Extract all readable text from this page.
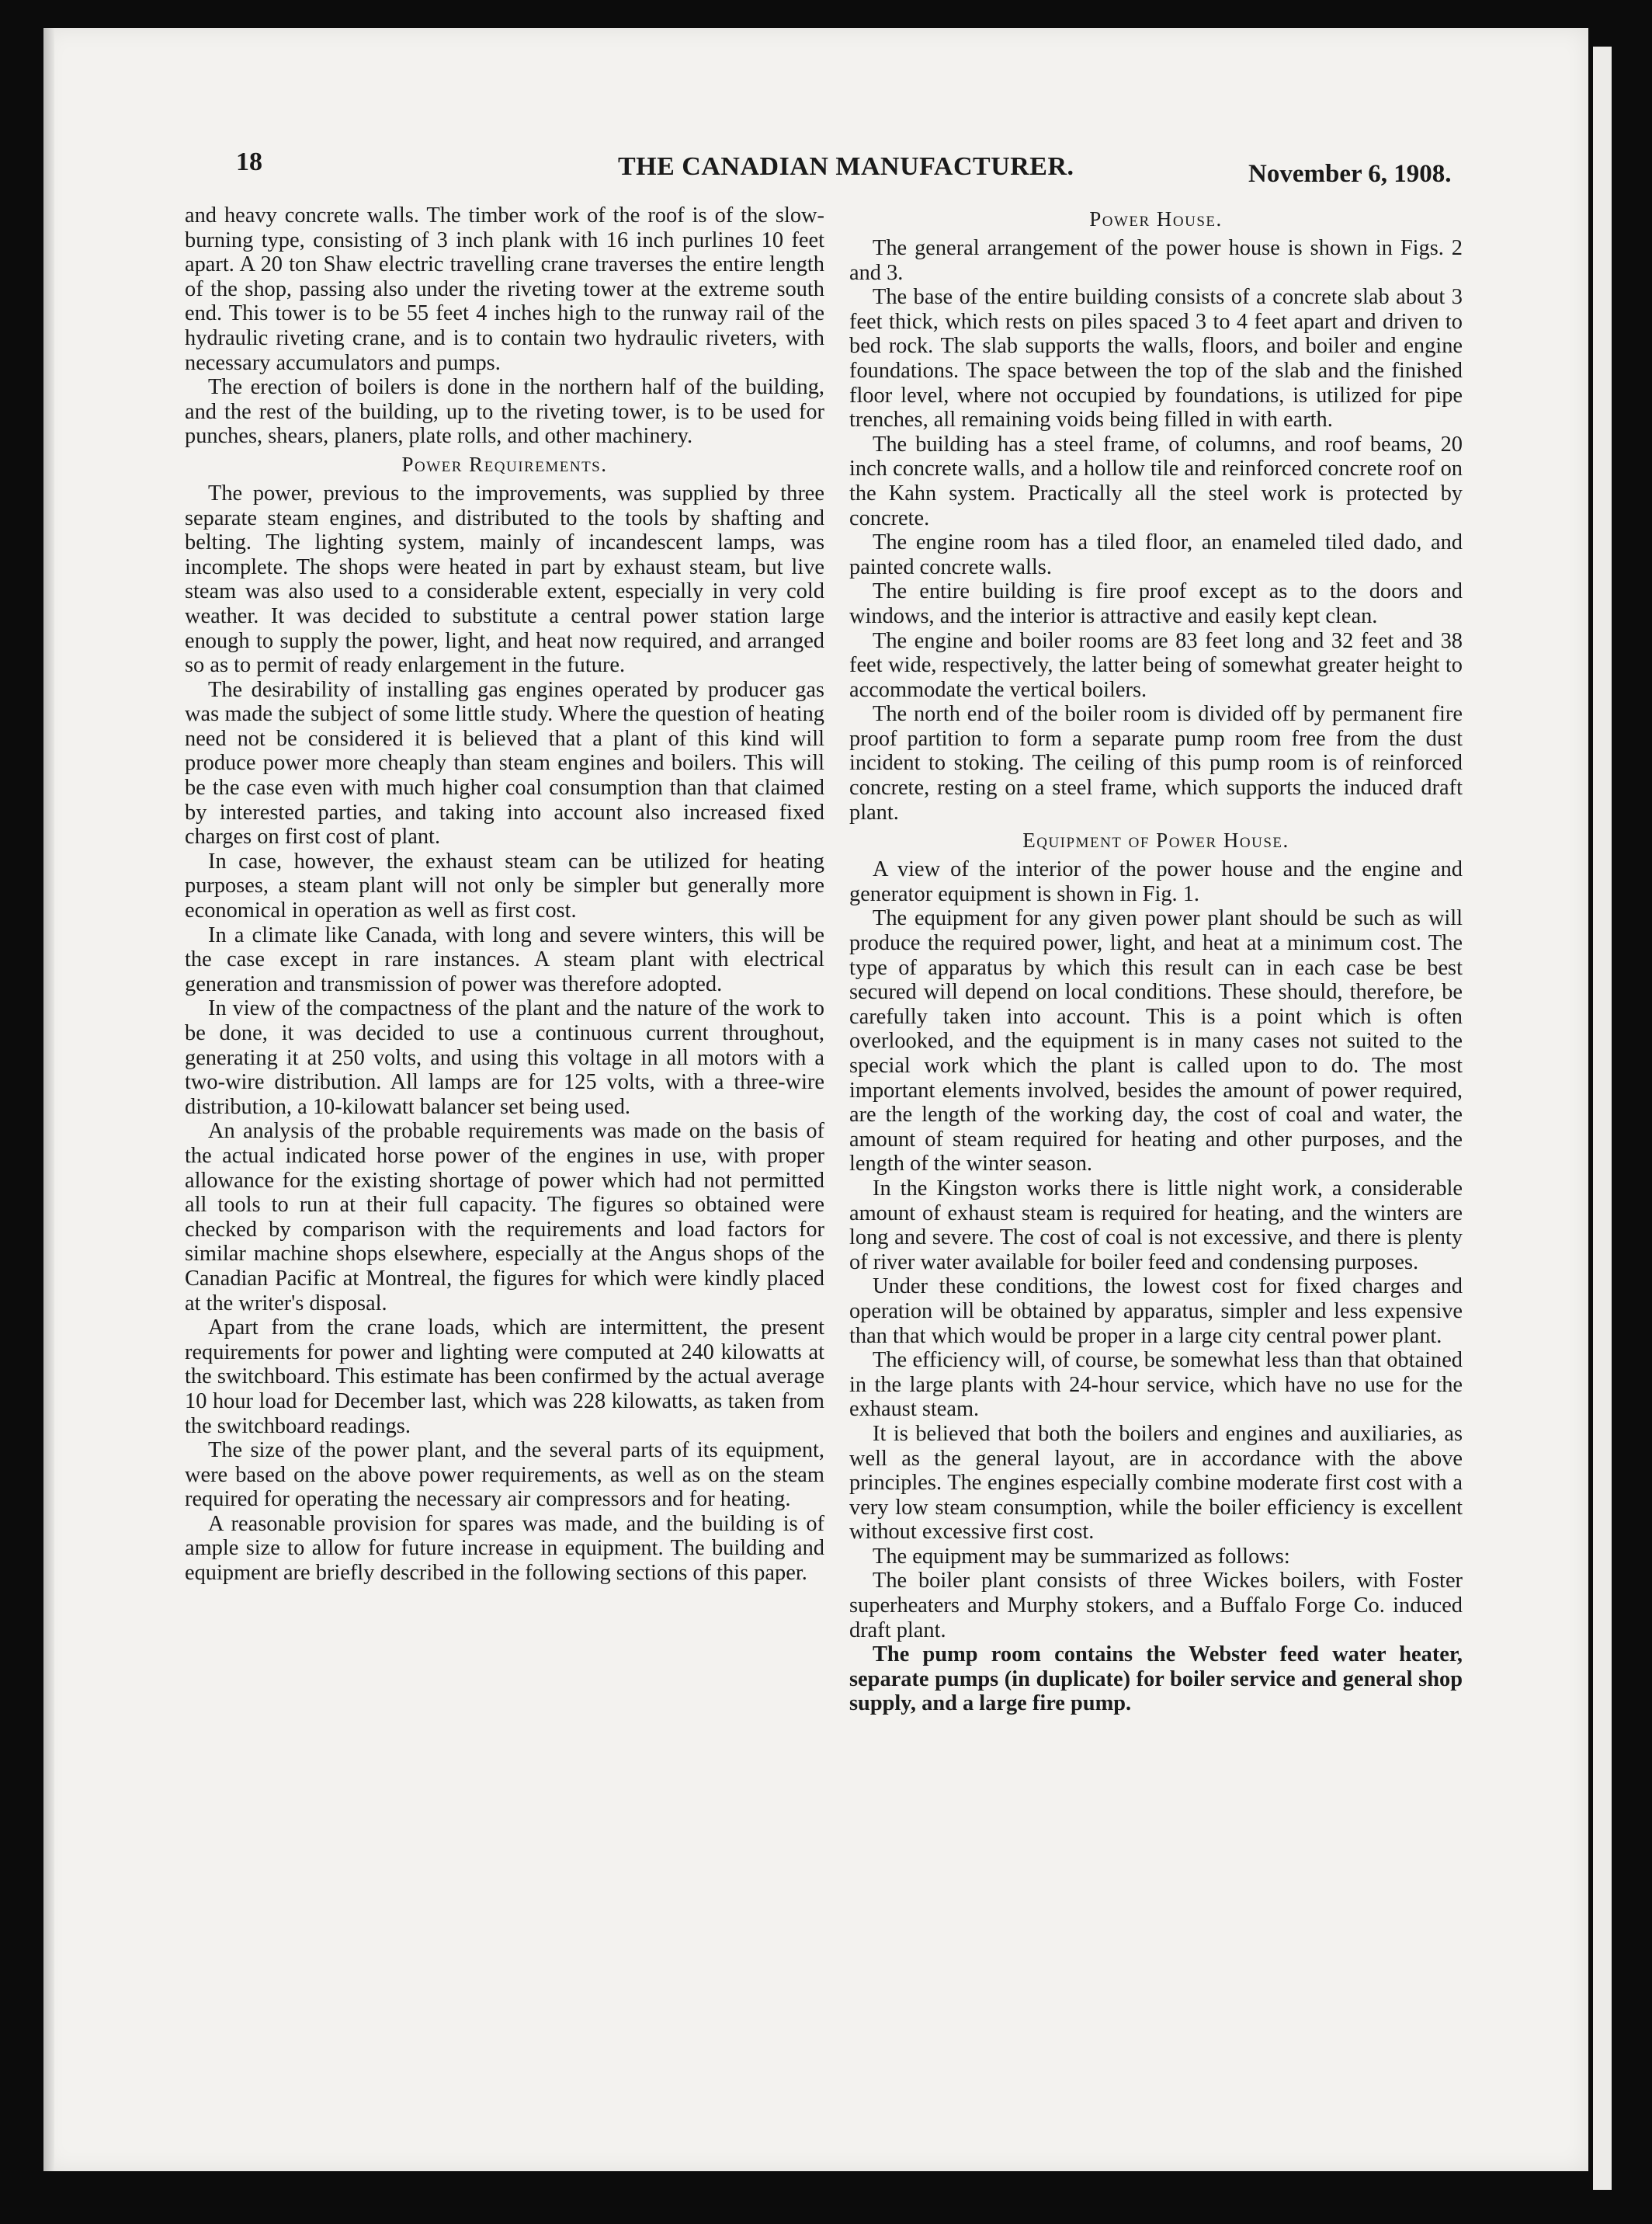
18	THE CANADIAN MANUFACTURER.	November 6, 1908.

and heavy concrete walls. The timber work of the roof is of the slow-burning type, consisting of 3 inch plank with 16 inch purlines 10 feet apart. A 20 ton Shaw electric travelling crane traverses the entire length of the shop, passing also under the riveting tower at the extreme south end. This tower is to be 55 feet 4 inches high to the runway rail of the hydraulic riveting crane, and is to contain two hydraulic riveters, with necessary accumulators and pumps.

The erection of boilers is done in the northern half of the building, and the rest of the building, up to the riveting tower, is to be used for punches, shears, planers, plate rolls, and other machinery.

Power Requirements.

The power, previous to the improvements, was supplied by three separate steam engines, and distributed to the tools by shafting and belting. The lighting system, mainly of incandescent lamps, was incomplete. The shops were heated in part by exhaust steam, but live steam was also used to a considerable extent, especially in very cold weather. It was decided to substitute a central power station large enough to supply the power, light, and heat now required, and arranged so as to permit of ready enlargement in the future.

The desirability of installing gas engines operated by producer gas was made the subject of some little study. Where the question of heating need not be considered it is believed that a plant of this kind will produce power more cheaply than steam engines and boilers. This will be the case even with much higher coal consumption than that claimed by interested parties, and taking into account also increased fixed charges on first cost of plant.

In case, however, the exhaust steam can be utilized for heating purposes, a steam plant will not only be simpler but generally more economical in operation as well as first cost.

In a climate like Canada, with long and severe winters, this will be the case except in rare instances. A steam plant with electrical generation and transmission of power was therefore adopted.

In view of the compactness of the plant and the nature of the work to be done, it was decided to use a continuous current throughout, generating it at 250 volts, and using this voltage in all motors with a two-wire distribution. All lamps are for 125 volts, with a three-wire distribution, a 10-kilowatt balancer set being used.

An analysis of the probable requirements was made on the basis of the actual indicated horse power of the engines in use, with proper allowance for the existing shortage of power which had not permitted all tools to run at their full capacity. The figures so obtained were checked by comparison with the requirements and load factors for similar machine shops elsewhere, especially at the Angus shops of the Canadian Pacific at Montreal, the figures for which were kindly placed at the writer's disposal.

Apart from the crane loads, which are intermittent, the present requirements for power and lighting were computed at 240 kilowatts at the switchboard. This estimate has been confirmed by the actual average 10 hour load for December last, which was 228 kilowatts, as taken from the switchboard readings.

The size of the power plant, and the several parts of its equipment, were based on the above power requirements, as well as on the steam required for operating the necessary air compressors and for heating.

A reasonable provision for spares was made, and the building is of ample size to allow for future increase in equipment. The building and equipment are briefly described in the following sections of this paper.

Power House.

The general arrangement of the power house is shown in Figs. 2 and 3.

The base of the entire building consists of a concrete slab about 3 feet thick, which rests on piles spaced 3 to 4 feet apart and driven to bed rock. The slab supports the walls, floors, and boiler and engine foundations. The space between the top of the slab and the finished floor level, where not occupied by foundations, is utilized for pipe trenches, all remaining voids being filled in with earth.

The building has a steel frame, of columns, and roof beams, 20 inch concrete walls, and a hollow tile and reinforced concrete roof on the Kahn system. Practically all the steel work is protected by concrete.

The engine room has a tiled floor, an enameled tiled dado, and painted concrete walls.

The entire building is fire proof except as to the doors and windows, and the interior is attractive and easily kept clean.

The engine and boiler rooms are 83 feet long and 32 feet and 38 feet wide, respectively, the latter being of somewhat greater height to accommodate the vertical boilers.

The north end of the boiler room is divided off by permanent fire proof partition to form a separate pump room free from the dust incident to stoking. The ceiling of this pump room is of reinforced concrete, resting on a steel frame, which supports the induced draft plant.

Equipment of Power House.

A view of the interior of the power house and the engine and generator equipment is shown in Fig. 1.

The equipment for any given power plant should be such as will produce the required power, light, and heat at a minimum cost. The type of apparatus by which this result can in each case be best secured will depend on local conditions. These should, therefore, be carefully taken into account. This is a point which is often overlooked, and the equipment is in many cases not suited to the special work which the plant is called upon to do. The most important elements involved, besides the amount of power required, are the length of the working day, the cost of coal and water, the amount of steam required for heating and other purposes, and the length of the winter season.

In the Kingston works there is little night work, a considerable amount of exhaust steam is required for heating, and the winters are long and severe. The cost of coal is not excessive, and there is plenty of river water available for boiler feed and condensing purposes.

Under these conditions, the lowest cost for fixed charges and operation will be obtained by apparatus, simpler and less expensive than that which would be proper in a large city central power plant.

The efficiency will, of course, be somewhat less than that obtained in the large plants with 24-hour service, which have no use for the exhaust steam.

It is believed that both the boilers and engines and auxiliaries, as well as the general layout, are in accordance with the above principles. The engines especially combine moderate first cost with a very low steam consumption, while the boiler efficiency is excellent without excessive first cost.

The equipment may be summarized as follows:

The boiler plant consists of three Wickes boilers, with Foster superheaters and Murphy stokers, and a Buffalo Forge Co. induced draft plant.

The pump room contains the Webster feed water heater, separate pumps (in duplicate) for boiler service and general shop supply, and a large fire pump.
